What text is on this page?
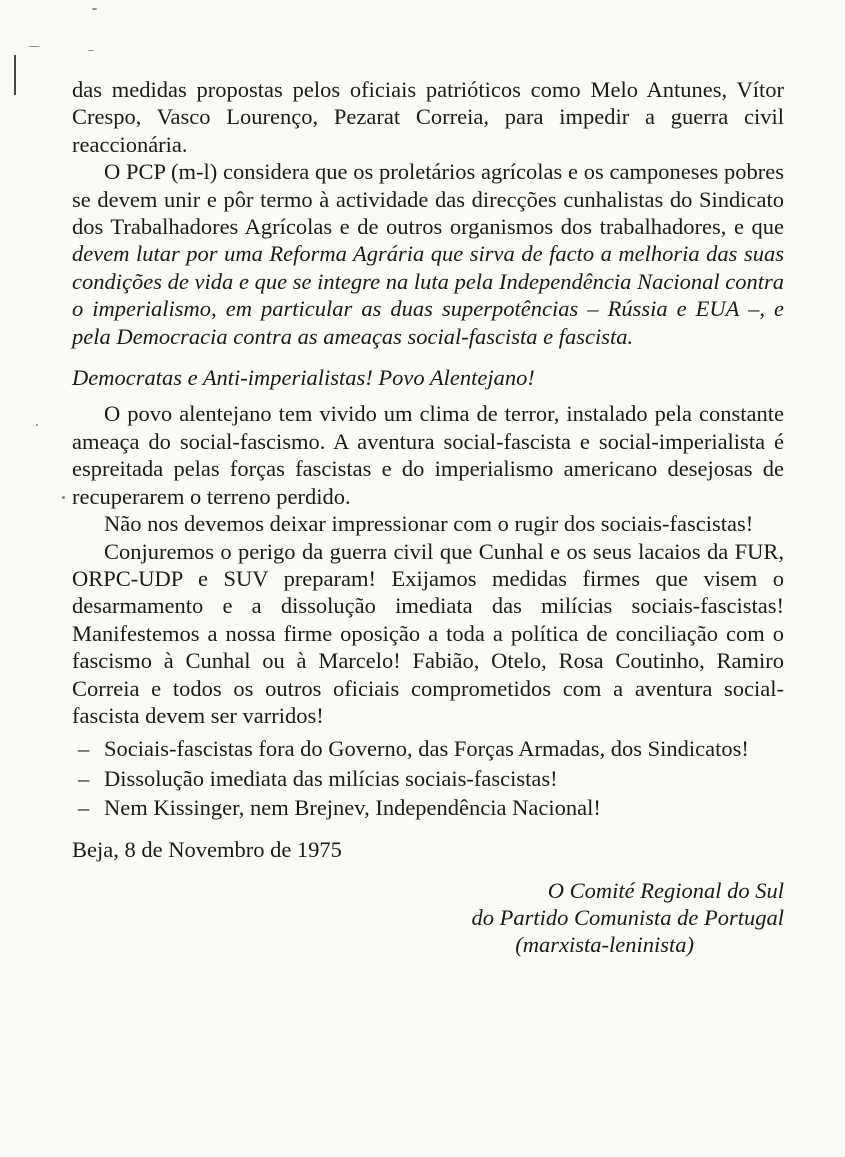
das medidas propostas pelos oficiais patrióticos como Melo Antunes, Vítor Crespo, Vasco Lourenço, Pezarat Correia, para impedir a guerra civil reaccionária.

O PCP (m-l) considera que os proletários agrícolas e os camponeses pobres se devem unir e pôr termo à actividade das direcções cunhalistas do Sindicato dos Trabalhadores Agrícolas e de outros organismos dos trabalhadores, e que devem lutar por uma Reforma Agrária que sirva de facto a melhoria das suas condições de vida e que se integre na luta pela Independência Nacional contra o imperialismo, em particular as duas superpotências – Rússia e EUA –, e pela Democracia contra as ameaças social-fascista e fascista.

Democratas e Anti-imperialistas! Povo Alentejano!

O povo alentejano tem vivido um clima de terror, instalado pela constante ameaça do social-fascismo. A aventura social-fascista e social-imperialista é espreitada pelas forças fascistas e do imperialismo americano desejosas de recuperarem o terreno perdido.

Não nos devemos deixar impressionar com o rugir dos sociais-fascistas!

Conjuremos o perigo da guerra civil que Cunhal e os seus lacaios da FUR, ORPC-UDP e SUV preparam! Exijamos medidas firmes que visem o desarmamento e a dissolução imediata das milícias sociais-fascistas! Manifestemos a nossa firme oposição a toda a política de conciliação com o fascismo à Cunhal ou à Marcelo! Fabião, Otelo, Rosa Coutinho, Ramiro Correia e todos os outros oficiais comprometidos com a aventura social-fascista devem ser varridos!

– Sociais-fascistas fora do Governo, das Forças Armadas, dos Sindicatos!
– Dissolução imediata das milícias sociais-fascistas!
– Nem Kissinger, nem Brejnev, Independência Nacional!

Beja, 8 de Novembro de 1975

O Comité Regional do Sul
do Partido Comunista de Portugal
(marxista-leninista)
